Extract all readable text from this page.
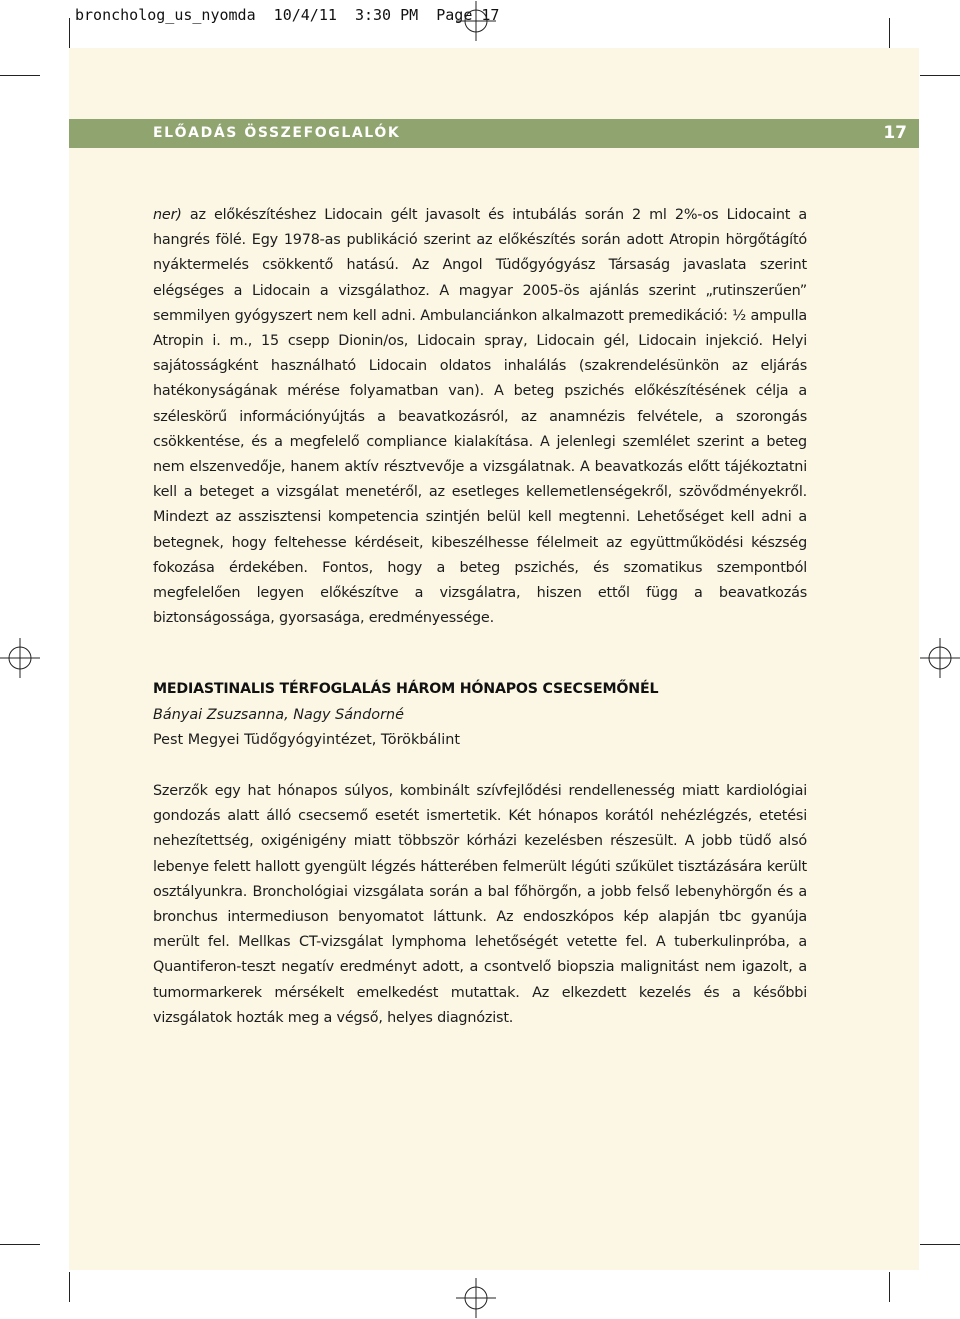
broncholog_us_nyomda  10/4/11  3:30 PM  Page 17
ELŐADÁS ÖSSZEFOGLALÓK	17

ner) az előkészítéshez Lidocain gélt javasolt és intubálás során 2 ml 2%-os Lidocaint a hangrés fölé. Egy 1978-as publikáció szerint az előkészítés során adott Atropin hörgőtágító nyáktermelés csökkentő hatású. Az Angol Tüdőgyógyász Társaság javaslata szerint elégséges a Lidocain a vizsgálathoz. A magyar 2005-ös ajánlás szerint „rutinszerűen” semmilyen gyógyszert nem kell adni. Ambulanciánkon alkalmazott premedikáció: ½ ampulla Atropin i. m., 15 csepp Dionin/os, Lidocain spray, Lidocain gél, Lidocain injekció. Helyi sajátosságként használható Lidocain oldatos inhalálás (szakrendelésünkön az eljárás hatékonyságának mérése folyamatban van). A beteg pszichés előkészítésének célja a széleskörű információnyújtás a beavatkozásról, az anamnézis felvétele, a szorongás csökkentése, és a megfelelő compliance kialakítása. A jelenlegi szemlélet szerint a beteg nem elszenvedője, hanem aktív résztvevője a vizsgálatnak. A beavatkozás előtt tájékoztatni kell a beteget a vizsgálat menetéről, az esetleges kellemetlenségekről, szövődményekről. Mindezt az asszisztensi kompetencia szintjén belül kell megtenni. Lehetőséget kell adni a betegnek, hogy feltehesse kérdéseit, kibeszélhesse félelmeit az együttműködési készség fokozása érdekében. Fontos, hogy a beteg pszichés, és szomatikus szempontból megfelelően legyen előkészítve a vizsgálatra, hiszen ettől függ a beavatkozás biztonságossága, gyorsasága, eredményessége.

MEDIASTINALIS TÉRFOGLALÁS HÁROM HÓNAPOS CSECSEMŐNÉL
Bányai Zsuzsanna, Nagy Sándorné
Pest Megyei Tüdőgyógyintézet, Törökbálint

Szerzők egy hat hónapos súlyos, kombinált szívfejlődési rendellenesség miatt kardiológiai gondozás alatt álló csecsemő esetét ismertetik. Két hónapos korától nehézlégzés, etetési nehezítettség, oxigénigény miatt többször kórházi kezelésben részesült. A jobb tüdő alsó lebenye felett hallott gyengült légzés hátterében felmerült légúti szűkület tisztázására került osztályunkra. Bronchológiai vizsgálata során a bal főhörgőn, a jobb felső lebenyhörgőn és a bronchus intermediuson benyomatot láttunk. Az endoszkópos kép alapján tbc gyanúja merült fel. Mellkas CT-vizsgálat lymphoma lehetőségét vetette fel. A tuberkulinpróba, a Quantiferon-teszt negatív eredményt adott, a csontvelő biopszia malignitást nem igazolt, a tumormarkerek mérsékelt emelkedést mutattak. Az elkezdett kezelés és a későbbi vizsgálatok hozták meg a végső, helyes diagnózist.
